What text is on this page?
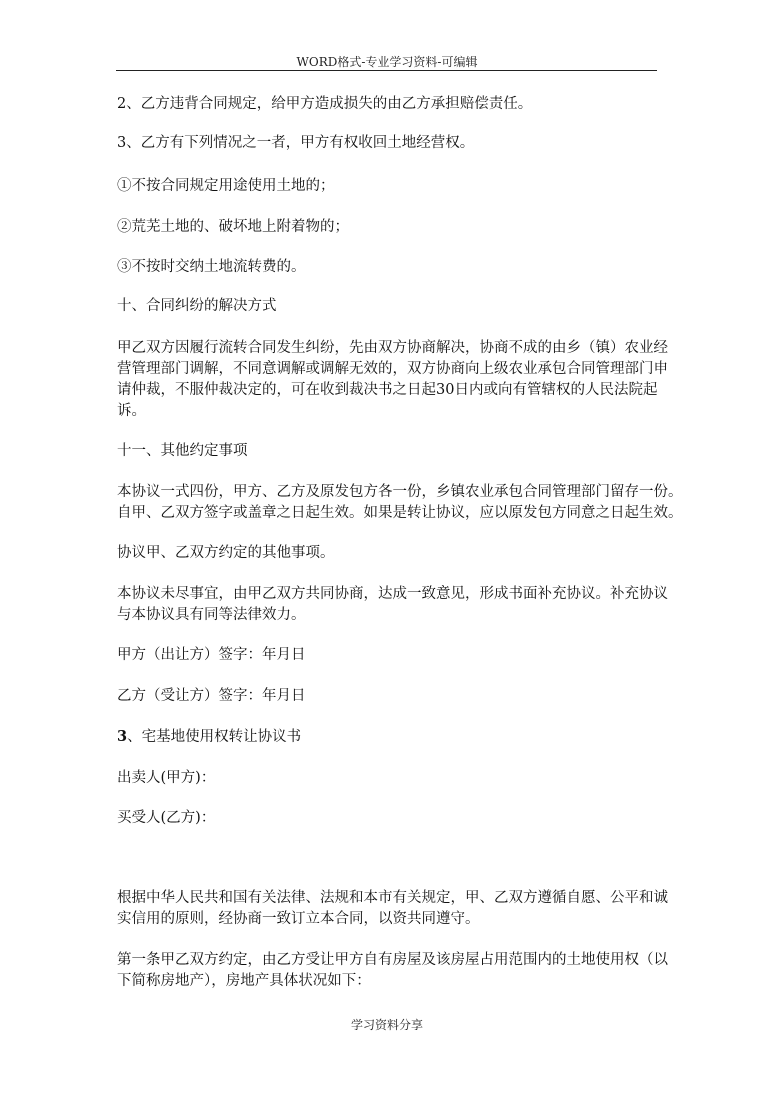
WORD格式-专业学习资料-可编辑
2、乙方违背合同规定，给甲方造成损失的由乙方承担赔偿责任。
3、乙方有下列情况之一者，甲方有权收回土地经营权。
①不按合同规定用途使用土地的；
②荒芜土地的、破坏地上附着物的；
③不按时交纳土地流转费的。
十、合同纠纷的解决方式
甲乙双方因履行流转合同发生纠纷，先由双方协商解决，协商不成的由乡（镇）农业经
营管理部门调解，不同意调解或调解无效的，双方协商向上级农业承包合同管理部门申
请仲裁，不服仲裁决定的，可在收到裁决书之日起30日内或向有管辖权的人民法院起
诉。
十一、其他约定事项
本协议一式四份，甲方、乙方及原发包方各一份，乡镇农业承包合同管理部门留存一份。
自甲、乙双方签字或盖章之日起生效。如果是转让协议，应以原发包方同意之日起生效。
协议甲、乙双方约定的其他事项。
本协议未尽事宜，由甲乙双方共同协商，达成一致意见，形成书面补充协议。补充协议
与本协议具有同等法律效力。
甲方（出让方）签字：年月日
乙方（受让方）签字：年月日
3、宅基地使用权转让协议书
出卖人(甲方)：
买受人(乙方)：
根据中华人民共和国有关法律、法规和本市有关规定，甲、乙双方遵循自愿、公平和诚
实信用的原则，经协商一致订立本合同，以资共同遵守。
第一条甲乙双方约定，由乙方受让甲方自有房屋及该房屋占用范围内的土地使用权（以
下简称房地产），房地产具体状况如下：
学习资料分享
